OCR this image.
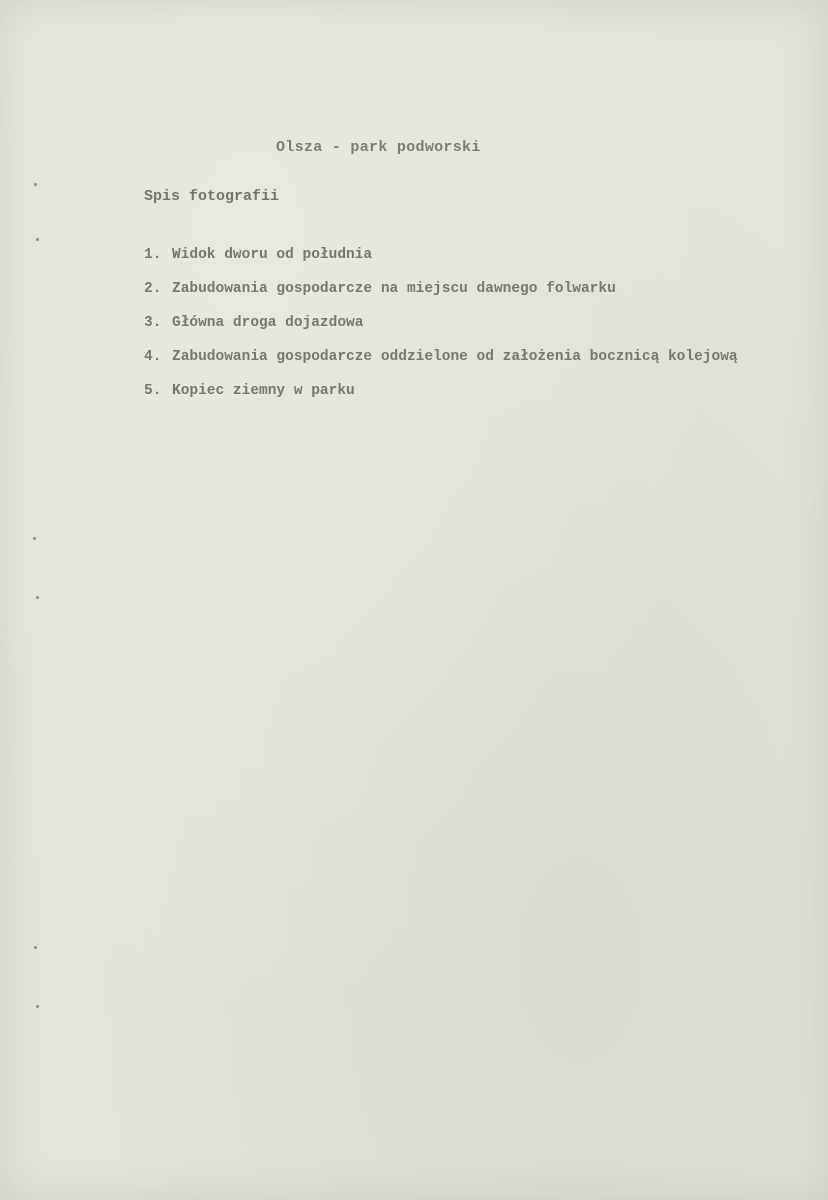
Olsza - park podworski
Spis fotografii
1. Widok dworu od południa
2. Zabudowania gospodarcze na miejscu dawnego folwarku
3. Główna droga dojazdowa
4. Zabudowania gospodarcze oddzielone od założenia bocznicą kolejową
5. Kopiec ziemny w parku
